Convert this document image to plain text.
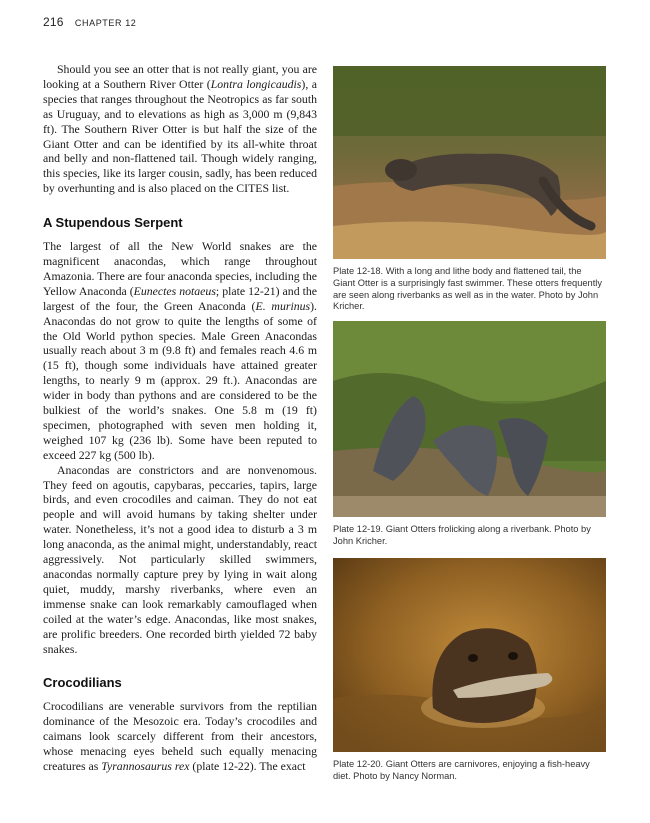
216 CHAPTER 12

Should you see an otter that is not really giant, you are looking at a Southern River Otter (Lontra longicaudis), a species that ranges throughout the Neotropics as far south as Uruguay, and to elevations as high as 3,000 m (9,843 ft). The Southern River Otter is but half the size of the Giant Otter and can be identified by its all-white throat and belly and non-flattened tail. Though widely ranging, this species, like its larger cousin, sadly, has been reduced by overhunting and is also placed on the CITES list.

A Stupendous Serpent

The largest of all the New World snakes are the magnificent anacondas, which range throughout Amazonia. There are four anaconda species, including the Yellow Anaconda (Eunectes notaeus; plate 12-21) and the largest of the four, the Green Anaconda (E. murinus). Anacondas do not grow to quite the lengths of some of the Old World python species. Male Green Anacondas usually reach about 3 m (9.8 ft) and females reach 4.6 m (15 ft), though some individuals have attained greater lengths, to nearly 9 m (approx. 29 ft.). Anacondas are wider in body than pythons and are considered to be the bulkiest of the world’s snakes. One 5.8 m (19 ft) specimen, photographed with seven men holding it, weighed 107 kg (236 lb). Some have been reputed to exceed 227 kg (500 lb).

Anacondas are constrictors and are nonvenomous. They feed on agoutis, capybaras, peccaries, tapirs, large birds, and even crocodiles and caiman. They do not eat people and will avoid humans by taking shelter under water. Nonetheless, it’s not a good idea to disturb a 3 m long anaconda, as the animal might, understandably, react aggressively. Not particularly skilled swimmers, anacondas normally capture prey by lying in wait along quiet, muddy, marshy riverbanks, where even an immense snake can look remarkably camouflaged when coiled at the water’s edge. Anacondas, like most snakes, are prolific breeders. One recorded birth yielded 72 baby snakes.

Crocodilians

Crocodilians are venerable survivors from the reptilian dominance of the Mesozoic era. Today’s crocodiles and caimans look scarcely different from their ancestors, whose menacing eyes beheld such equally menacing creatures as Tyrannosaurus rex (plate 12-22). The exact

Plate 12-18. With a long and lithe body and flattened tail, the Giant Otter is a surprisingly fast swimmer. These otters frequently are seen along riverbanks as well as in the water. Photo by John Kricher.
Plate 12-19. Giant Otters frolicking along a riverbank. Photo by John Kricher.
Plate 12-20. Giant Otters are carnivores, enjoying a fish-heavy diet. Photo by Nancy Norman.
